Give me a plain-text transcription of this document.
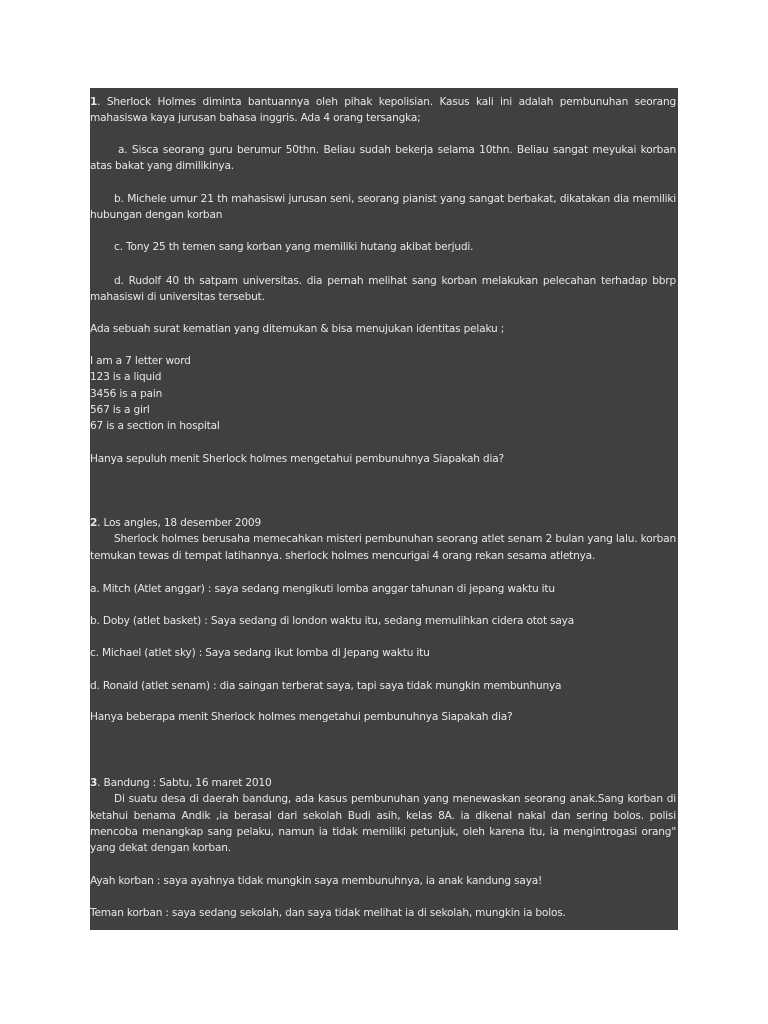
1. Sherlock Holmes diminta bantuannya oleh pihak kepolisian. Kasus kali ini adalah pembunuhan seorang
mahasiswa kaya jurusan bahasa inggris. Ada 4 orang tersangka;
a. Sisca seorang guru berumur 50thn. Beliau sudah bekerja selama 10thn. Beliau sangat meyukai korban
atas bakat yang dimilikinya.
b. Michele umur 21 th mahasiswi jurusan seni, seorang pianist yang sangat berbakat, dikatakan dia memiliki
hubungan dengan korban
c. Tony 25 th temen sang korban yang memiliki hutang akibat berjudi.
d. Rudolf 40 th satpam universitas. dia pernah melihat sang korban melakukan pelecahan terhadap bbrp
mahasiswi di universitas tersebut.
Ada sebuah surat kematian yang ditemukan & bisa menujukan identitas pelaku ;
I am a 7 letter word
123 is a liquid
3456 is a pain
567 is a girl
67 is a section in hospital
Hanya sepuluh menit Sherlock holmes mengetahui pembunuhnya Siapakah dia?
2. Los angles, 18 desember 2009
Sherlock holmes berusaha memecahkan misteri pembunuhan seorang atlet senam 2 bulan yang lalu. korban
temukan tewas di tempat latihannya. sherlock holmes mencurigai 4 orang rekan sesama atletnya.
a. Mitch (Atlet anggar) : saya sedang mengikuti lomba anggar tahunan di jepang waktu itu
b. Doby (atlet basket) : Saya sedang di london waktu itu, sedang memulihkan cidera otot saya
c. Michael (atlet sky) : Saya sedang ikut lomba di Jepang waktu itu
d. Ronald (atlet senam) : dia saingan terberat saya, tapi saya tidak mungkin membunhunya
Hanya beberapa menit Sherlock holmes mengetahui pembunuhnya Siapakah dia?
3. Bandung : Sabtu, 16 maret 2010
Di suatu desa di daerah bandung, ada kasus pembunuhan yang menewaskan seorang anak.Sang korban di
ketahui benama Andik ,ia berasal dari sekolah Budi asih, kelas 8A. ia dikenal nakal dan sering bolos. polisi
mencoba menangkap sang pelaku, namun ia tidak memiliki petunjuk, oleh karena itu, ia mengintrogasi orang"
yang dekat dengan korban.
Ayah korban : saya ayahnya tidak mungkin saya membunuhnya, ia anak kandung saya!
Teman korban : saya sedang sekolah, dan saya tidak melihat ia di sekolah, mungkin ia bolos.
